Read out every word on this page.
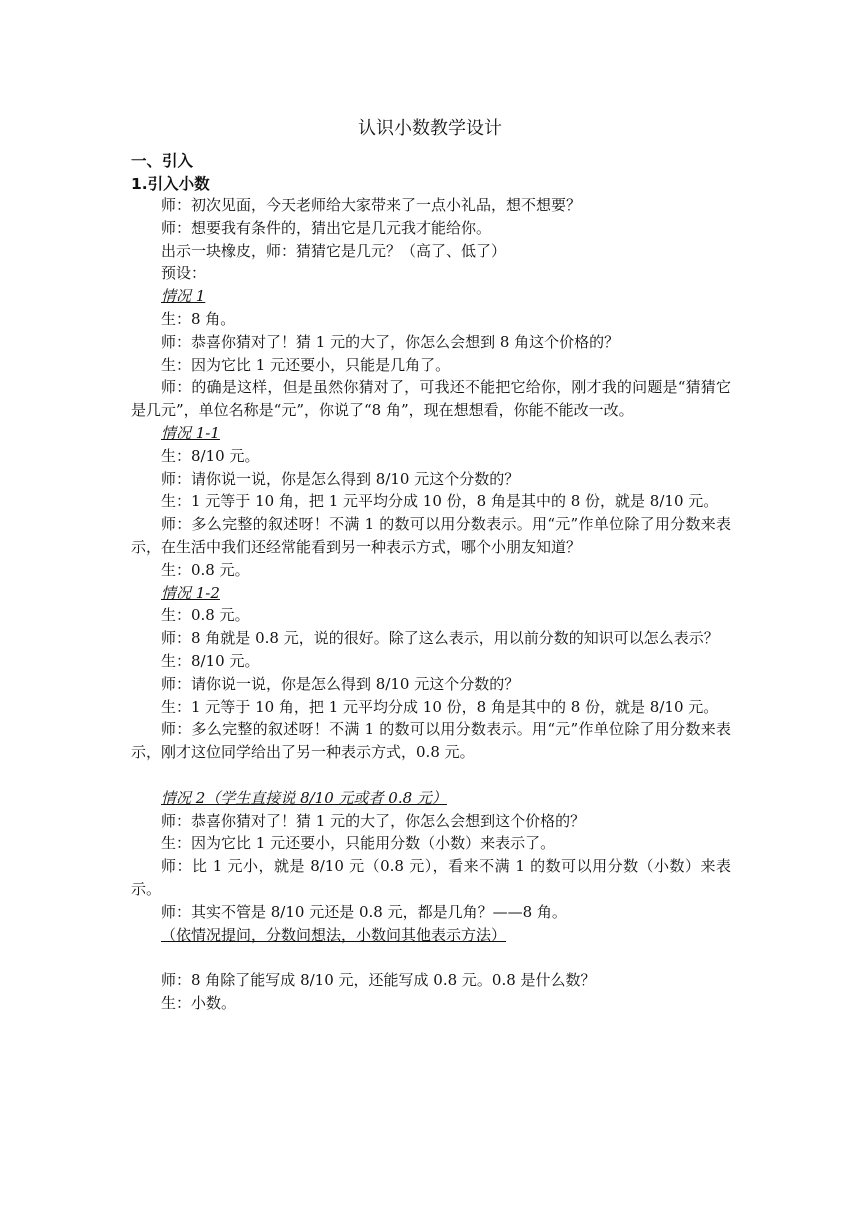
认识小数教学设计
一、引入
1.引入小数

师：初次见面，今天老师给大家带来了一点小礼品，想不想要？

师：想要我有条件的，猜出它是几元我才能给你。

出示一块橡皮，师：猜猜它是几元？（高了、低了）

预设：

情况 1

生：8 角。

师：恭喜你猜对了！猜 1 元的大了，你怎么会想到 8 角这个价格的？

生：因为它比 1 元还要小，只能是几角了。

师：的确是这样，但是虽然你猜对了，可我还不能把它给你，刚才我的问题是“猜猜它是几元”，单位名称是“元”，你说了“8 角”，现在想想看，你能不能改一改。

情况 1-1

生：8/10 元。

师：请你说一说，你是怎么得到 8/10 元这个分数的？

生：1 元等于 10 角，把 1 元平均分成 10 份，8 角是其中的 8 份，就是 8/10 元。

师：多么完整的叙述呀！不满 1 的数可以用分数表示。用“元”作单位除了用分数来表示，在生活中我们还经常能看到另一种表示方式，哪个小朋友知道？

生：0.8 元。

情况 1-2

生：0.8 元。

师：8 角就是 0.8 元，说的很好。除了这么表示，用以前分数的知识可以怎么表示？

生：8/10 元。

师：请你说一说，你是怎么得到 8/10 元这个分数的？

生：1 元等于 10 角，把 1 元平均分成 10 份，8 角是其中的 8 份，就是 8/10 元。

师：多么完整的叙述呀！不满 1 的数可以用分数表示。用“元”作单位除了用分数来表示，刚才这位同学给出了另一种表示方式，0.8 元。

情况 2（学生直接说 8/10 元或者 0.8 元）

师：恭喜你猜对了！猜 1 元的大了，你怎么会想到这个价格的？

生：因为它比 1 元还要小，只能用分数（小数）来表示了。

师：比 1 元小，就是 8/10 元（0.8 元），看来不满 1 的数可以用分数（小数）来表示。

师：其实不管是 8/10 元还是 0.8 元，都是几角？——8 角。

（依情况提问，分数问想法，小数问其他表示方法）

师：8 角除了能写成 8/10 元，还能写成 0.8 元。0.8 是什么数？

生：小数。
